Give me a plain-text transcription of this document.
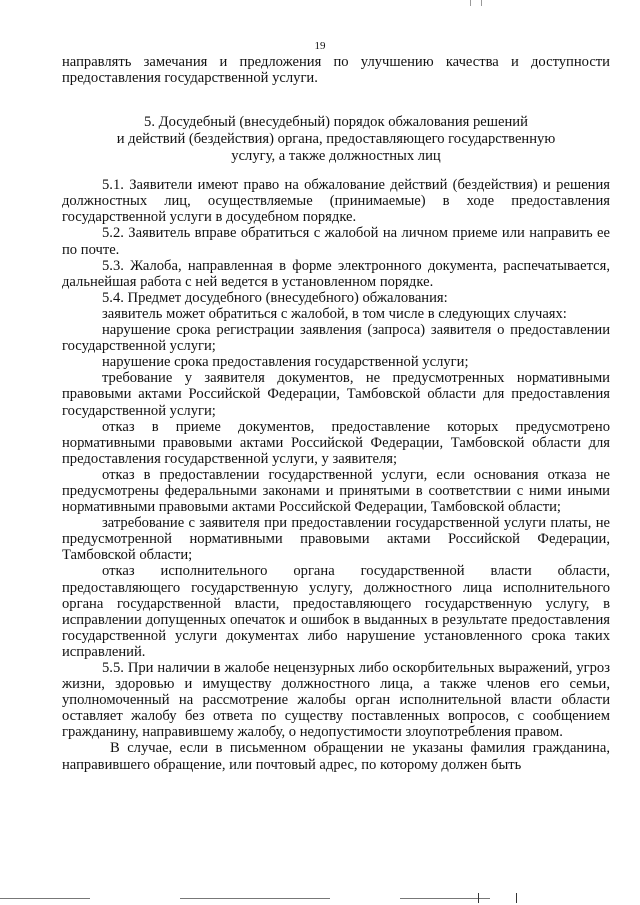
19

направлять замечания и предложения по улучшению качества и доступности предоставления государственной услуги.

5. Досудебный (внесудебный) порядок обжалования решений
и действий (бездействия) органа, предоставляющего государственную
услугу, а также должностных лиц

5.1. Заявители имеют право на обжалование действий (бездействия) и решения должностных лиц, осуществляемые (принимаемые) в ходе предоставления государственной услуги в досудебном порядке.

5.2. Заявитель вправе обратиться с жалобой на личном приеме или направить ее по почте.

5.3. Жалоба, направленная в форме электронного документа, распечатывается, дальнейшая работа с ней ведется в установленном порядке.

5.4. Предмет досудебного (внесудебного) обжалования:

заявитель может обратиться с жалобой, в том числе в следующих случаях:

нарушение срока регистрации заявления (запроса) заявителя о предоставлении государственной услуги;

нарушение срока предоставления государственной услуги;

требование у заявителя документов, не предусмотренных нормативными правовыми актами Российской Федерации, Тамбовской области для предоставления государственной услуги;

отказ в приеме документов, предоставление которых предусмотрено нормативными правовыми актами Российской Федерации, Тамбовской области для предоставления государственной услуги, у заявителя;

отказ в предоставлении государственной услуги, если основания отказа не предусмотрены федеральными законами и принятыми в соответствии с ними иными нормативными правовыми актами Российской Федерации, Тамбовской области;

затребование с заявителя при предоставлении государственной услуги платы, не предусмотренной нормативными правовыми актами Российской Федерации, Тамбовской области;

отказ исполнительного органа государственной власти области, предоставляющего государственную услугу, должностного лица исполнительного органа государственной власти, предоставляющего государственную услугу, в исправлении допущенных опечаток и ошибок в выданных в результате предоставления государственной услуги документах либо нарушение установленного срока таких исправлений.

5.5. При наличии в жалобе нецензурных либо оскорбительных выражений, угроз жизни, здоровью и имуществу должностного лица, а также членов его семьи, уполномоченный на рассмотрение жалобы орган исполнительной власти области оставляет жалобу без ответа по существу поставленных вопросов, с сообщением гражданину, направившему жалобу, о недопустимости злоупотребления правом.

В случае, если в письменном обращении не указаны фамилия гражданина, направившего обращение, или почтовый адрес, по которому должен быть
